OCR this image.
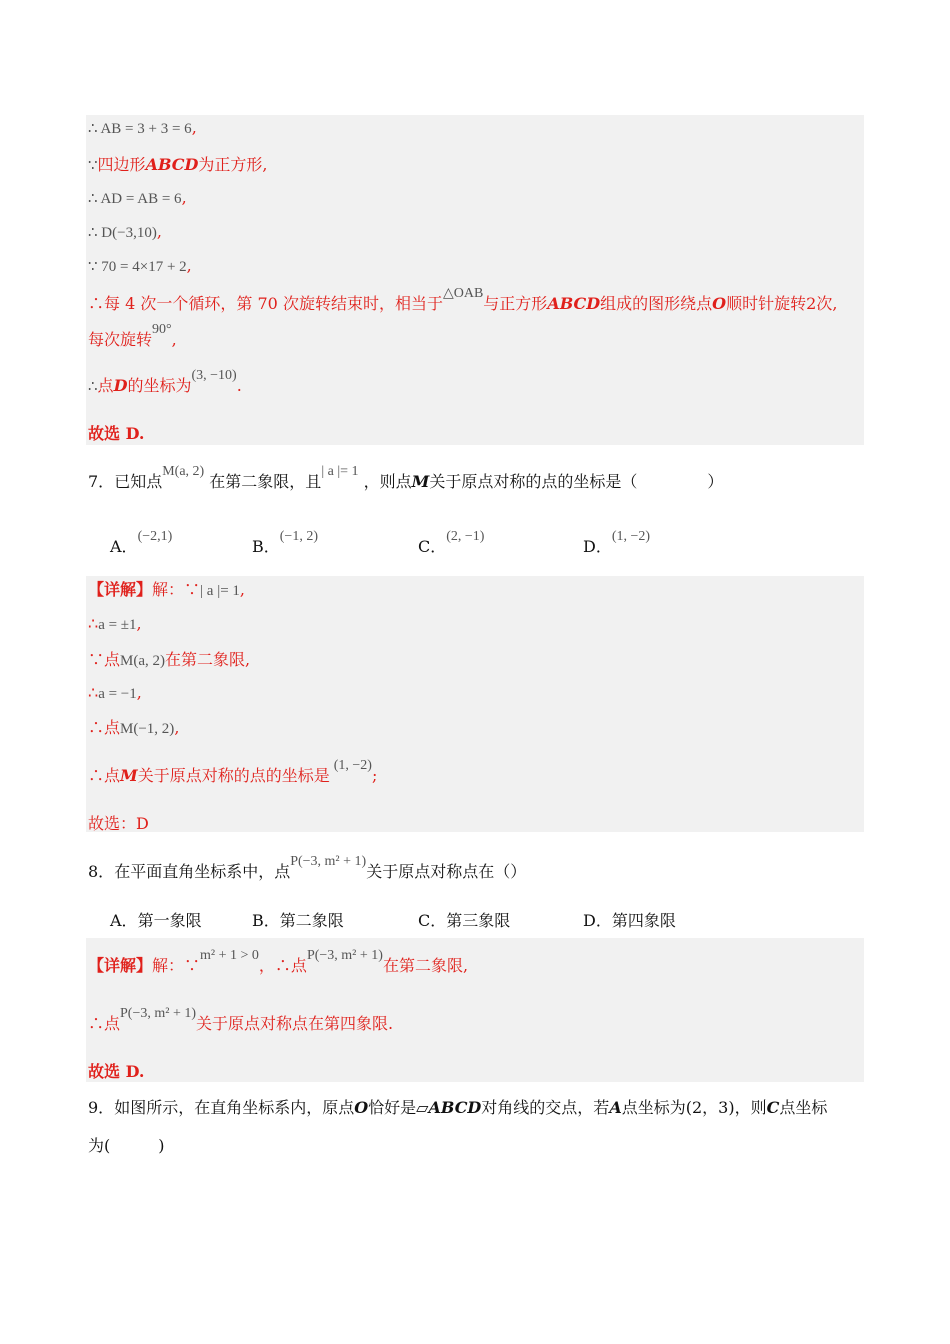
∴ AB = 3 + 3 = 6,
∵四边形ABCD为正方形,
∴ AD = AB = 6,
∴ D(−3,10),
∵ 70 = 4×17 + 2,
∴每 4 次一个循环，第 70 次旋转结束时，相当于△OAB与正方形ABCD组成的图形绕点O顺时针旋转2次,
每次旋转90°,
∴点D的坐标为(3, −10).
故选 D.
7．已知点M(a, 2) 在第二象限，且| a |= 1 ，则点M关于原点对称的点的坐标是（	）
A．(−2,1)
B．(−1, 2)
C．(2, −1)
D．(1, −2)
【详解】解：∵| a |= 1,
∴a = ±1,
∵点M(a, 2)在第二象限,
∴a = −1,
∴点M(−1, 2),
∴点M关于原点对称的点的坐标是(1, −2);
故选：D
8．在平面直角坐标系中，点P(−3, m² + 1)关于原点对称点在（）
A．第一象限	B．第二象限	C．第三象限	D．第四象限
【详解】解：∵m² + 1 > 0，∴点P(−3, m² + 1)在第二象限,
∴点P(−3, m² + 1)关于原点对称点在第四象限.
故选 D.
9．如图所示，在直角坐标系内，原点O恰好是▱ABCD对角线的交点，若A点坐标为(2，3)，则C点坐标
为(　　　)
